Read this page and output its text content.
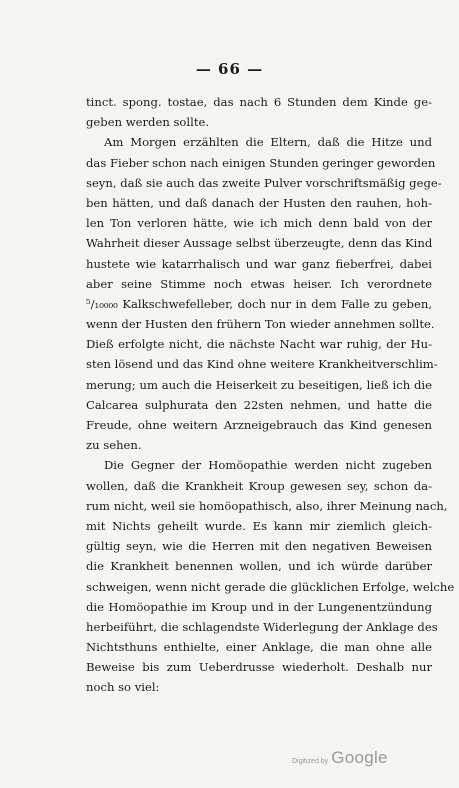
— 66 —
tinct. spong. tostae, das nach 6 Stunden dem Kinde ge-
geben werden sollte.
Am Morgen erzählten die Eltern, daß die Hitze und
das Fieber schon nach einigen Stunden geringer geworden
seyn, daß sie auch das zweite Pulver vorschriftsmäßig gege-
ben hätten, und daß danach der Husten den rauhen, hoh-
len Ton verloren hätte, wie ich mich denn bald von der
Wahrheit dieser Aussage selbst überzeugte, denn das Kind
hustete wie katarrhalisch und war ganz fieberfrei, dabei
aber seine Stimme noch etwas heiser. Ich verordnete
⁵/₁₀₀₀₀ Kalkschwefelleber, doch nur in dem Falle zu geben,
wenn der Husten den frühern Ton wieder annehmen sollte.
Dieß erfolgte nicht, die nächste Nacht war ruhig, der Hu-
sten lösend und das Kind ohne weitere Krankheitverschlim-
merung; um auch die Heiserkeit zu beseitigen, ließ ich die
Calcarea sulphurata den 22sten nehmen, und hatte die
Freude, ohne weitern Arzneigebrauch das Kind genesen
zu sehen.
Die Gegner der Homöopathie werden nicht zugeben
wollen, daß die Krankheit Kroup gewesen sey, schon da-
rum nicht, weil sie homöopathisch, also, ihrer Meinung nach,
mit Nichts geheilt wurde. Es kann mir ziemlich gleich-
gültig seyn, wie die Herren mit den negativen Beweisen
die Krankheit benennen wollen, und ich würde darüber
schweigen, wenn nicht gerade die glücklichen Erfolge, welche
die Homöopathie im Kroup und in der Lungenentzündung
herbeiführt, die schlagendste Widerlegung der Anklage des
Nichtsthuns enthielte, einer Anklage, die man ohne alle
Beweise bis zum Ueberdrusse wiederholt. Deshalb nur
noch so viel:
Digitized by Google
